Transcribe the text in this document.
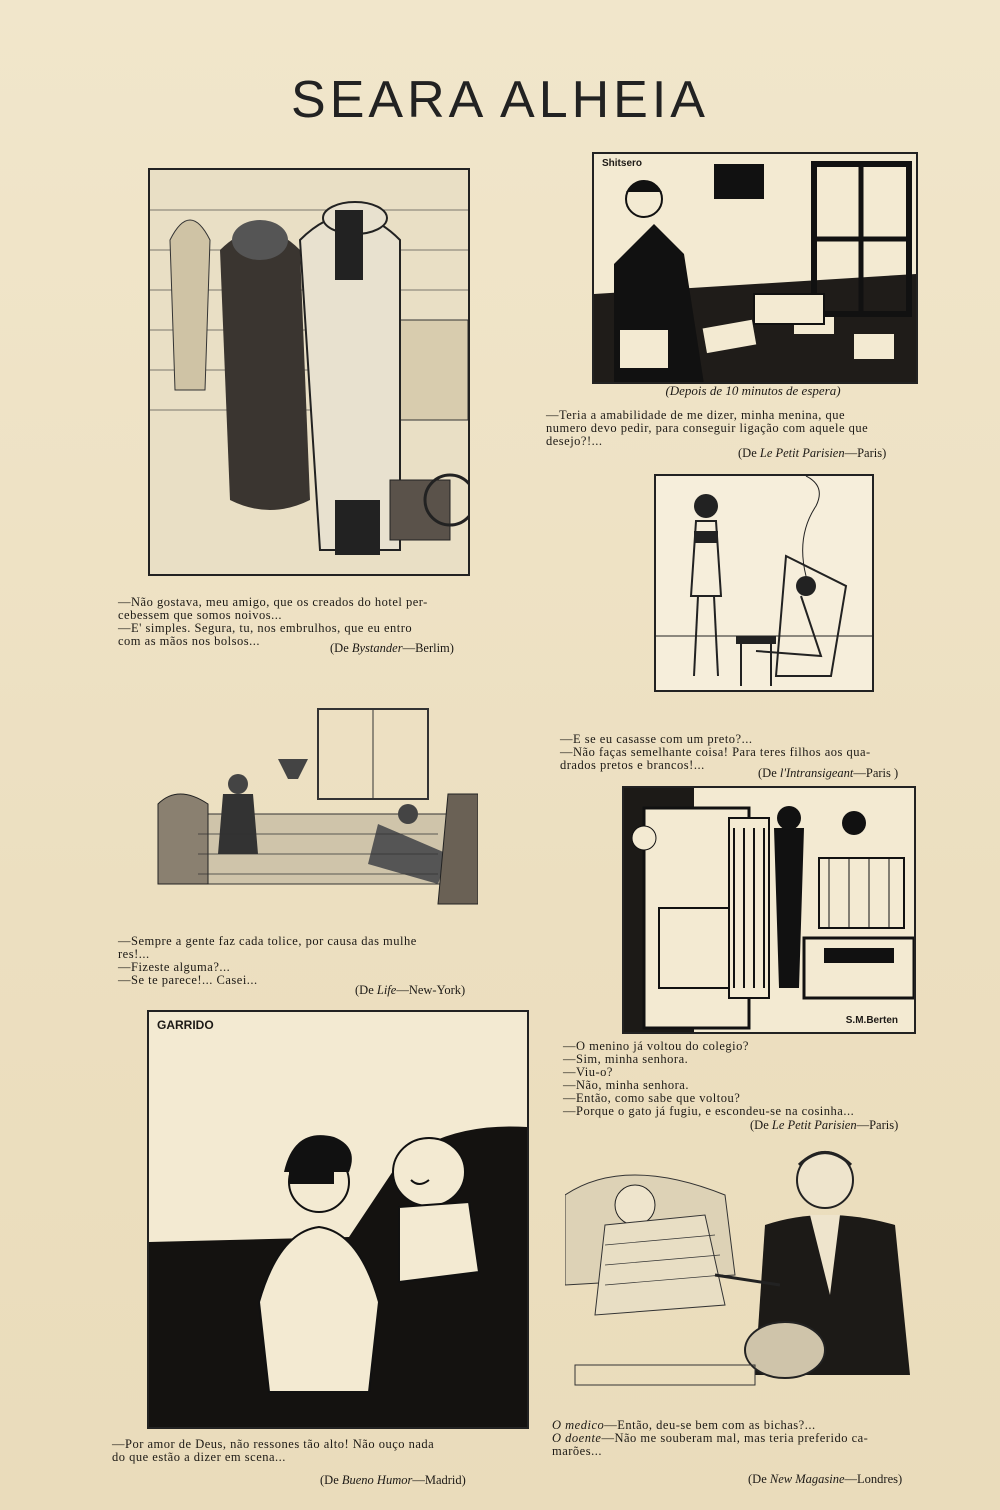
SEARA ALHEIA

—Não gostava, meu amigo, que os creados do hotel per-

cebessem que somos noivos...

—E' simples. Segura, tu, nos embrulhos, que eu entro

com as mãos nos bolsos...	(De Bystander—Berlim)
Shitsero
(Depois de 10 minutos de espera)

—Teria a amabilidade de me dizer, minha menina, que

numero devo pedir, para conseguir ligação com aquele que

desejo?!...

(De Le Petit Parisien—Paris)

—E se eu casasse com um preto?...

—Não faças semelhante coisa! Para teres filhos aos qua-

drados pretos e brancos!...

(De l'Intransigeant—Paris )

—Sempre a gente faz cada tolice, por causa das mulhe

res!...

—Fizeste alguma?...

—Se te parece!... Casei...

(De Life—New-York)
S.M.Berten

—O menino já voltou do colegio?

—Sim, minha senhora.

—Viu-o?

—Não, minha senhora.

—Então, como sabe que voltou?

—Porque o gato já fugiu, e escondeu-se na cosinha...

(De Le Petit Parisien—Paris)
GARRIDO

—Por amor de Deus, não ressones tão alto! Não ouço nada

do que estão a dizer em scena...

(De Bueno Humor—Madrid)

O medico—Então, deu-se bem com as bichas?...

O doente—Não me souberam mal, mas teria preferido ca-

marões...

(De New Magasine—Londres)
